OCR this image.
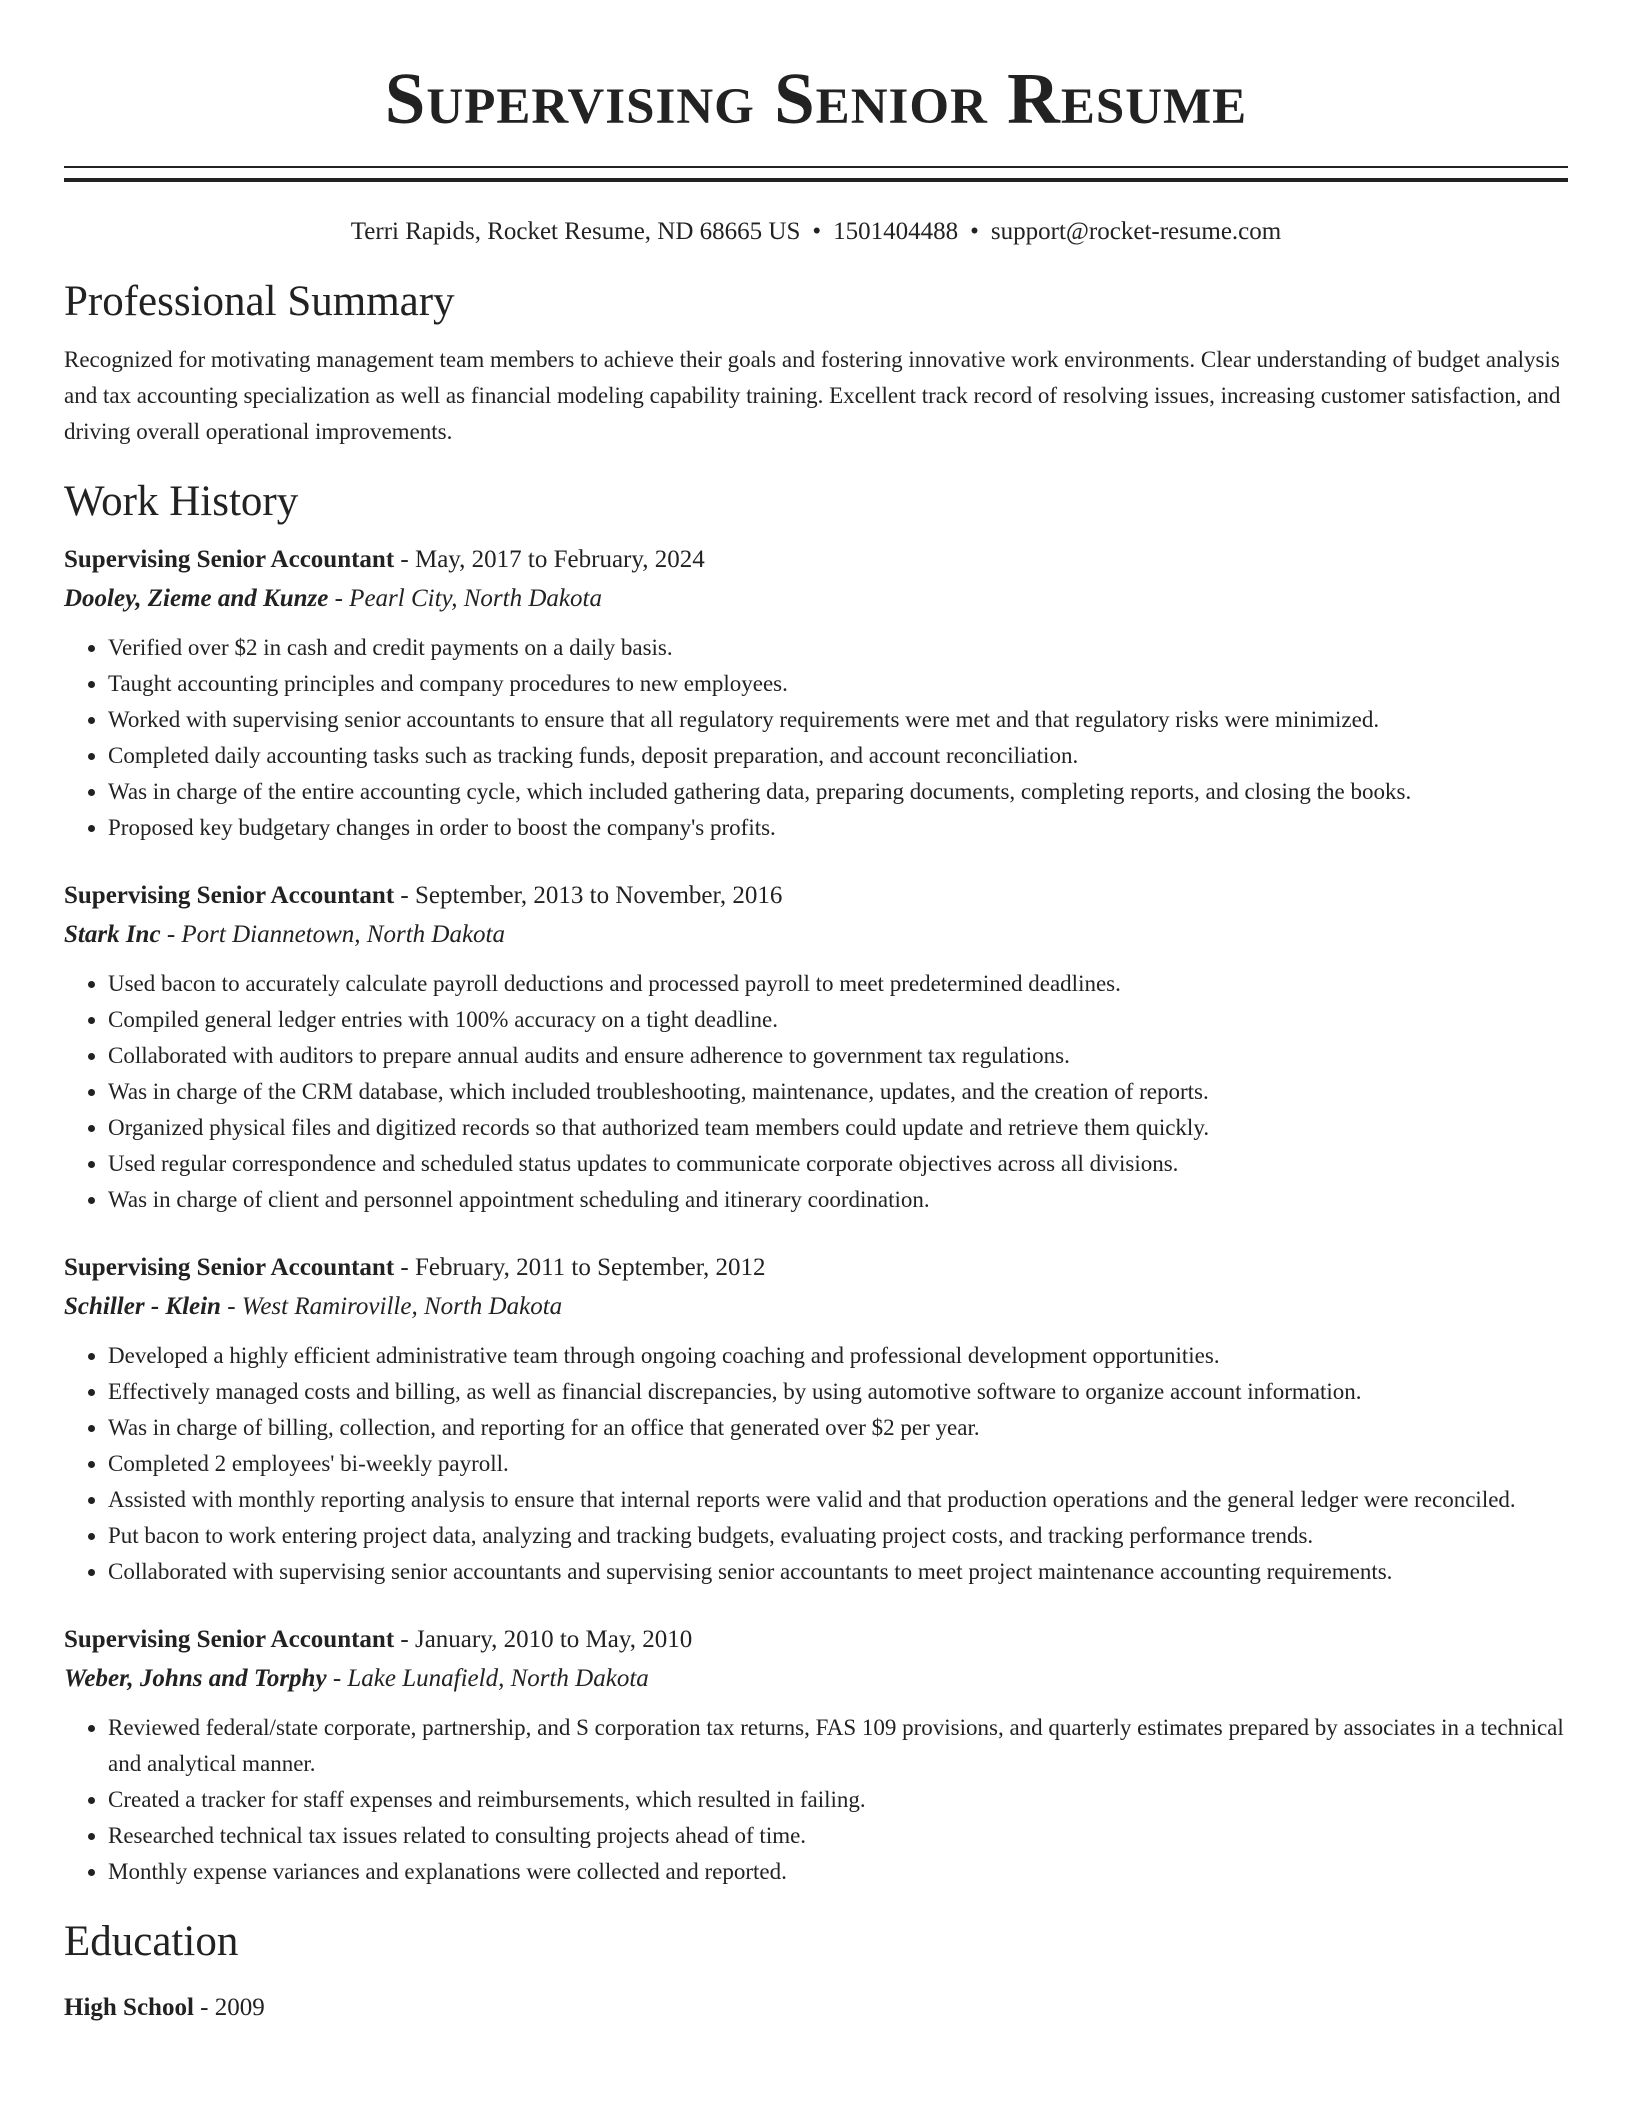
Supervising Senior Resume
Terri Rapids, Rocket Resume, ND 68665 US • 1501404488 • support@rocket-resume.com
Professional Summary
Recognized for motivating management team members to achieve their goals and fostering innovative work environments. Clear understanding of budget analysis and tax accounting specialization as well as financial modeling capability training. Excellent track record of resolving issues, increasing customer satisfaction, and driving overall operational improvements.
Work History
Supervising Senior Accountant - May, 2017 to February, 2024
Dooley, Zieme and Kunze - Pearl City, North Dakota
• Verified over $2 in cash and credit payments on a daily basis.
• Taught accounting principles and company procedures to new employees.
• Worked with supervising senior accountants to ensure that all regulatory requirements were met and that regulatory risks were minimized.
• Completed daily accounting tasks such as tracking funds, deposit preparation, and account reconciliation.
• Was in charge of the entire accounting cycle, which included gathering data, preparing documents, completing reports, and closing the books.
• Proposed key budgetary changes in order to boost the company's profits.
Supervising Senior Accountant - September, 2013 to November, 2016
Stark Inc - Port Diannetown, North Dakota
• Used bacon to accurately calculate payroll deductions and processed payroll to meet predetermined deadlines.
• Compiled general ledger entries with 100% accuracy on a tight deadline.
• Collaborated with auditors to prepare annual audits and ensure adherence to government tax regulations.
• Was in charge of the CRM database, which included troubleshooting, maintenance, updates, and the creation of reports.
• Organized physical files and digitized records so that authorized team members could update and retrieve them quickly.
• Used regular correspondence and scheduled status updates to communicate corporate objectives across all divisions.
• Was in charge of client and personnel appointment scheduling and itinerary coordination.
Supervising Senior Accountant - February, 2011 to September, 2012
Schiller - Klein - West Ramiroville, North Dakota
• Developed a highly efficient administrative team through ongoing coaching and professional development opportunities.
• Effectively managed costs and billing, as well as financial discrepancies, by using automotive software to organize account information.
• Was in charge of billing, collection, and reporting for an office that generated over $2 per year.
• Completed 2 employees' bi-weekly payroll.
• Assisted with monthly reporting analysis to ensure that internal reports were valid and that production operations and the general ledger were reconciled.
• Put bacon to work entering project data, analyzing and tracking budgets, evaluating project costs, and tracking performance trends.
• Collaborated with supervising senior accountants and supervising senior accountants to meet project maintenance accounting requirements.
Supervising Senior Accountant - January, 2010 to May, 2010
Weber, Johns and Torphy - Lake Lunafield, North Dakota
• Reviewed federal/state corporate, partnership, and S corporation tax returns, FAS 109 provisions, and quarterly estimates prepared by associates in a technical and analytical manner.
• Created a tracker for staff expenses and reimbursements, which resulted in failing.
• Researched technical tax issues related to consulting projects ahead of time.
• Monthly expense variances and explanations were collected and reported.
Education
High School - 2009
